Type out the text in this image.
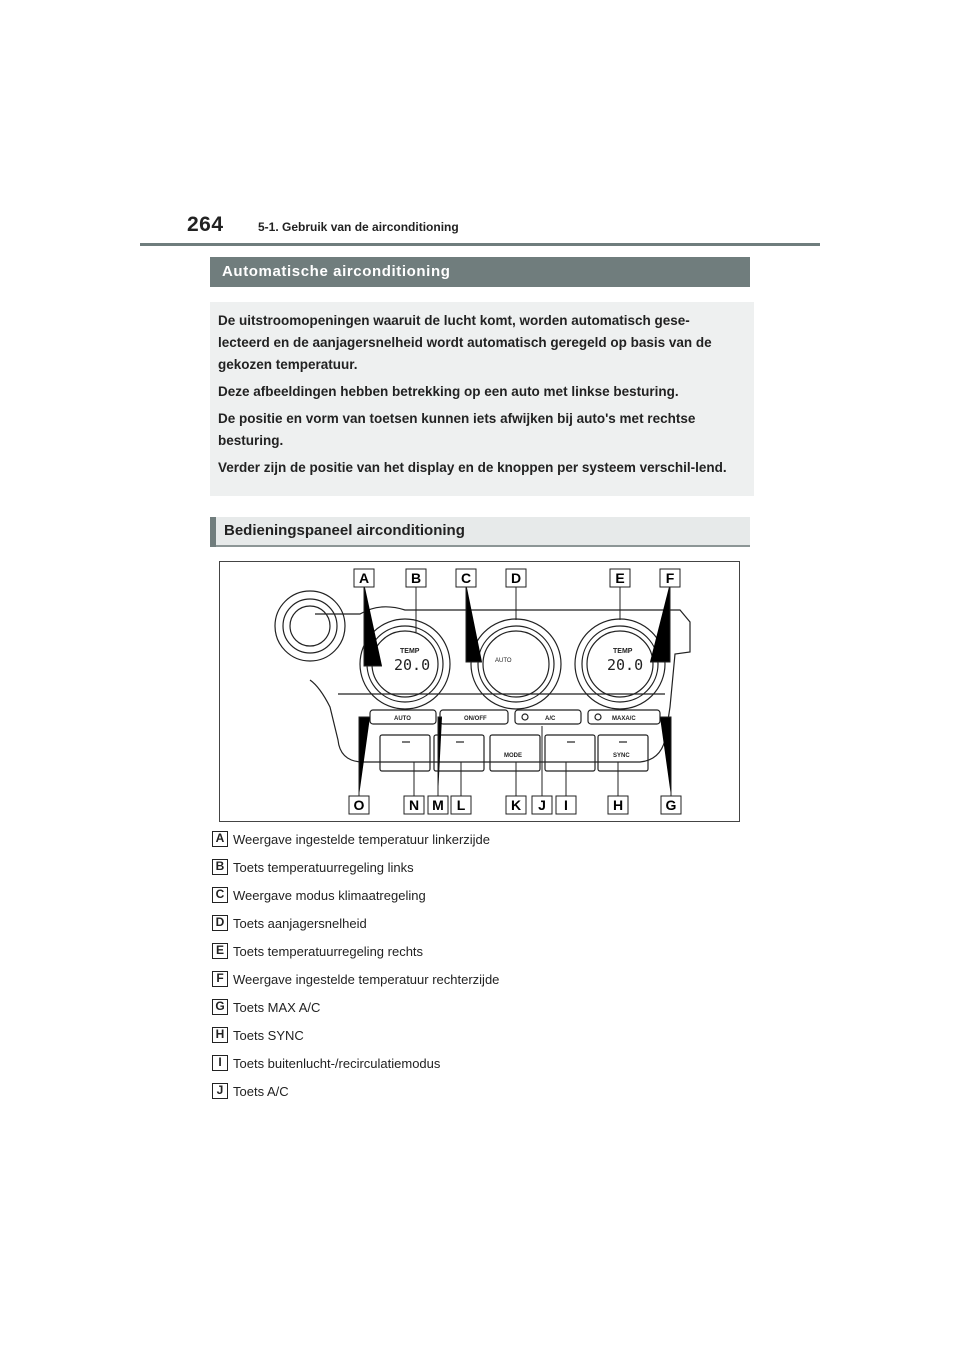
264	5-1. Gebruik van de airconditioning
Automatische airconditioning

De uitstroomopeningen waaruit de lucht komt, worden automatisch gese-lecteerd en de aanjagersnelheid wordt automatisch geregeld op basis van de gekozen temperatuur.

Deze afbeeldingen hebben betrekking op een auto met linkse besturing.

De positie en vorm van toetsen kunnen iets afwijken bij auto's met rechtse besturing.

Verder zijn de positie van het display en de knoppen per systeem verschil-lend.

Bedieningspaneel airconditioning
TEMP
20.0	AUTO
TEMP
20.0
AUTO	ON/OFF	A/C	MAXA/C
MODE	SYNC
A	B	C	D	E	F
O	N M L	K J I	H	G
A Weergave ingestelde temperatuur linkerzijde
B Toets temperatuurregeling links
C Weergave modus klimaatregeling
D Toets aanjagersnelheid
E Toets temperatuurregeling rechts
F Weergave ingestelde temperatuur rechterzijde
G Toets MAX A/C
H Toets SYNC
I Toets buitenlucht-/recirculatiemodus
J Toets A/C
